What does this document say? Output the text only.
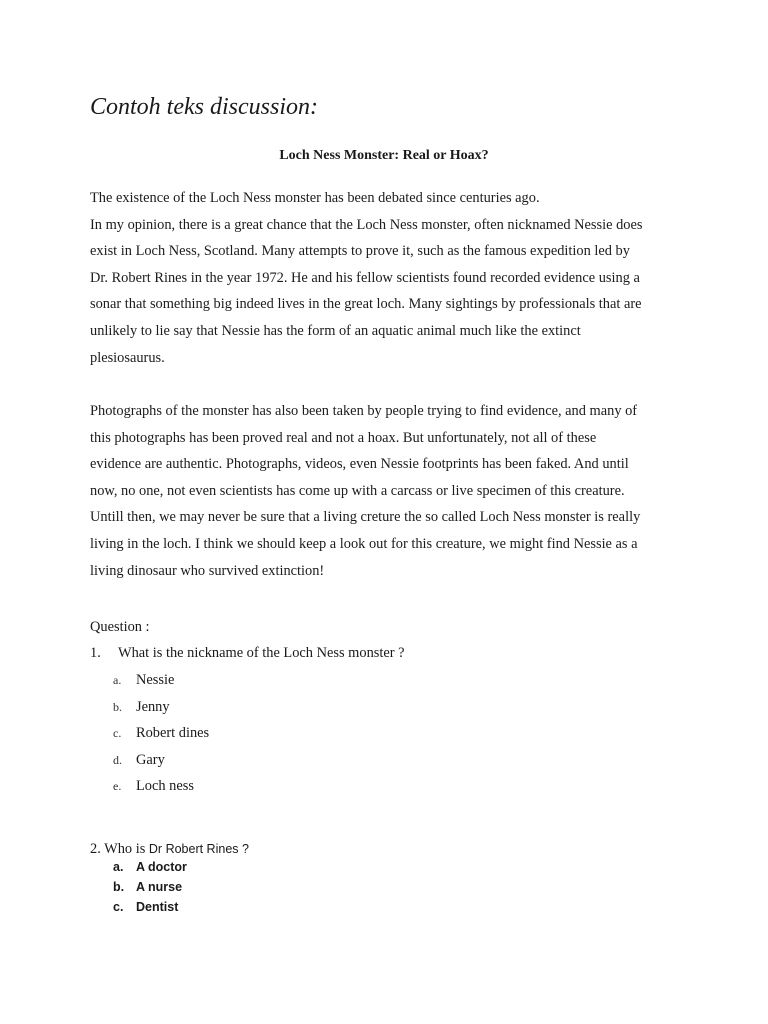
Contoh teks discussion:
Loch Ness Monster: Real or Hoax?
The existence of the Loch Ness monster has been debated since centuries ago.
In my opinion, there is a great chance that the Loch Ness monster, often nicknamed Nessie does
exist in Loch Ness, Scotland. Many attempts to prove it, such as the famous expedition led by
Dr. Robert Rines in the year 1972. He and his fellow scientists found recorded evidence using a
sonar that something big indeed lives in the great loch. Many sightings by professionals that are
unlikely to lie say that Nessie has the form of an aquatic animal much like the extinct
plesiosaurus.
Photographs of the monster has also been taken by people trying to find evidence, and many of
this photographs has been proved real and not a hoax. But unfortunately, not all of these
evidence are authentic. Photographs, videos, even Nessie footprints has been faked. And until
now, no one, not even scientists has come up with a carcass or live specimen of this creature.
Untill then, we may never be sure that a living creture the so called Loch Ness monster is really
living in the loch. I think we should keep a look out for this creature, we might find Nessie as a
living dinosaur who survived extinction!
Question :
1. What is the nickname of the Loch Ness monster ?
a. Nessie
b. Jenny
c. Robert dines
d. Gary
e. Loch ness
2. Who is Dr Robert Rines ?
a. A doctor
b. A nurse
c. Dentist
